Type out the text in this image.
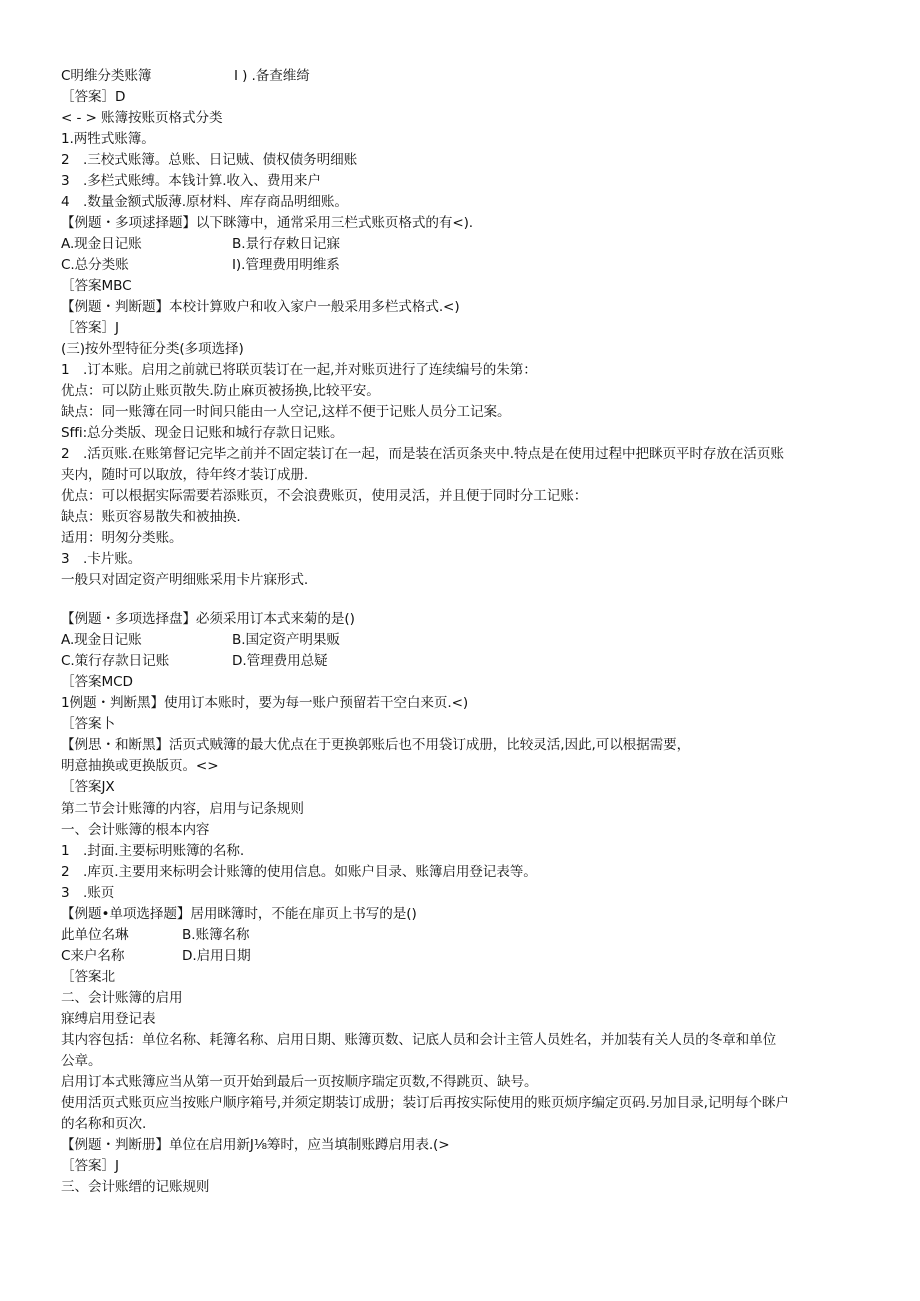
C明维分类账簿	I ) .备查维绮
［答案］D
< - > 账簿按账页格式分类
1.两牲式账簿。
2　.三校式账簿。总账、日记贼、债权债务明细账
3　.多栏式账缚。本钱计算.收入、费用来户
4　.数量金额式版薄.原材料、库存商品明细账。
【例题・多项逑择题】以下眯簿中，通常采用三栏式账页格式的有<).
A.现金日记账	B.景行存敕日记寐
C.总分类账	I).管理费用明维系
［答案MBC
【例题・判断题】本校计算败户和收入家户一般采用多栏式格式.<)
［答案］J
(三)按外型特征分类(多项选择)
1　.订本账。启用之前就已将联页装订在一起,并对账页进行了连续编号的朱第：
优点：可以防止账页散失.防止麻页被扬换,比较平安。
缺点：同一账簿在同一时间只能由一人空记,这样不便于记账人员分工记案。
Sffi:总分类版、现金日记账和城行存款日记账。
2　.活页账.在账第督记完毕之前并不固定装订在一起，而是装在活页条夹中.特点是在使用过程中把眯页平时存放在活页账
夹内，随时可以取放，待年终才装订成册.
优点：可以根据实际需要若添账页，不会浪费账页，使用灵活，并且便于同时分工记账：
缺点：账页容易散失和被抽换.
适用：明匆分类账。
3　.卡片账。
一般只对固定资产明细账采用卡片寐形式.
【例题・多项选择盘】必须采用订本式来菊的是()
A.现金日记账	B.国定资产明果贩
C.策行存款日记账	D.管理费用总疑
［答案MCD
1例题・判断黑】使用订本账时，要为每一账户预留若干空白来页.<)
［答案卜
【例思・和断黑】活页式贼簿的最大优点在于更换郭账后也不用袋订成册，比较灵活,因此,可以根据需要，
明意抽换或更换版页。<>
［答案JX
第二节会计账簿的内容，启用与记条规则
一、会计账簿的根本内容
1　.封面.主要标明账簿的名称.
2　.库页.主要用来标明会计账簿的使用信息。如账户目录、账簿启用登记表等。
3　.账页
【例题•单项选择题】居用眯簿时，不能在扉页上书写的是()
此单位名琳	B.账簿名称
C来户名称	D.启用日期
［答案北
二、会计账簿的启用
寐缚启用登记表
其内容包括：单位名称、耗簿名称、启用日期、账簿页数、记底人员和会计主管人员姓名，并加装有关人员的冬章和单位
公章。
启用订本式账簿应当从第一页开始到最后一页按顺序瑞定页数,不得跳页、缺号。
使用活页式账页应当按账户顺序箱号,并须定期装订成册；装订后再按实际使用的账页烦序编定页码.另加目录,记明每个眯户
的名称和页次.
【例题・判断册】单位在启用新J⅛筹时，应当填制账蹲启用表.(>
［答案］J
三、会计账缙的记账规则
